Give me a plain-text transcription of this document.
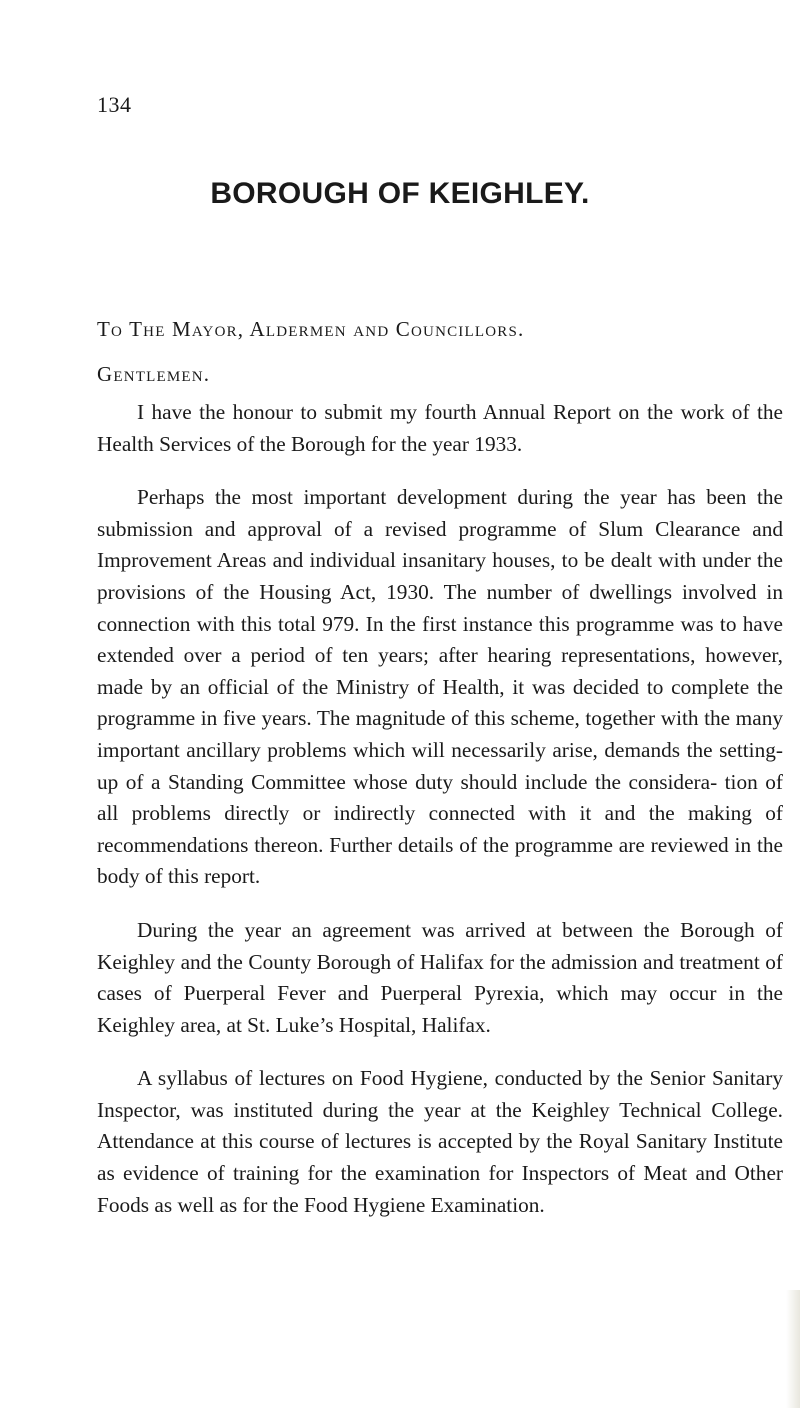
134
BOROUGH OF KEIGHLEY.
To The Mayor, Aldermen and Councillors.
Gentlemen.

I have the honour to submit my fourth Annual Report on the work of the Health Services of the Borough for the year 1933.

Perhaps the most important development during the year has been the submission and approval of a revised programme of Slum Clearance and Improvement Areas and individual insanitary houses, to be dealt with under the provisions of the Housing Act, 1930. The number of dwellings involved in connection with this total 979. In the first instance this programme was to have extended over a period of ten years; after hearing representations, however, made by an official of the Ministry of Health, it was decided to complete the programme in five years. The magnitude of this scheme, together with the many important ancillary problems which will necessarily arise, demands the setting-up of a Standing Committee whose duty should include the considera- tion of all problems directly or indirectly connected with it and the making of recommendations thereon. Further details of the programme are reviewed in the body of this report.

During the year an agreement was arrived at between the Borough of Keighley and the County Borough of Halifax for the admission and treatment of cases of Puerperal Fever and Puerperal Pyrexia, which may occur in the Keighley area, at St. Luke’s Hospital, Halifax.

A syllabus of lectures on Food Hygiene, conducted by the Senior Sanitary Inspector, was instituted during the year at the Keighley Technical College. Attendance at this course of lectures is accepted by the Royal Sanitary Institute as evidence of training for the examination for Inspectors of Meat and Other Foods as well as for the Food Hygiene Examination.
